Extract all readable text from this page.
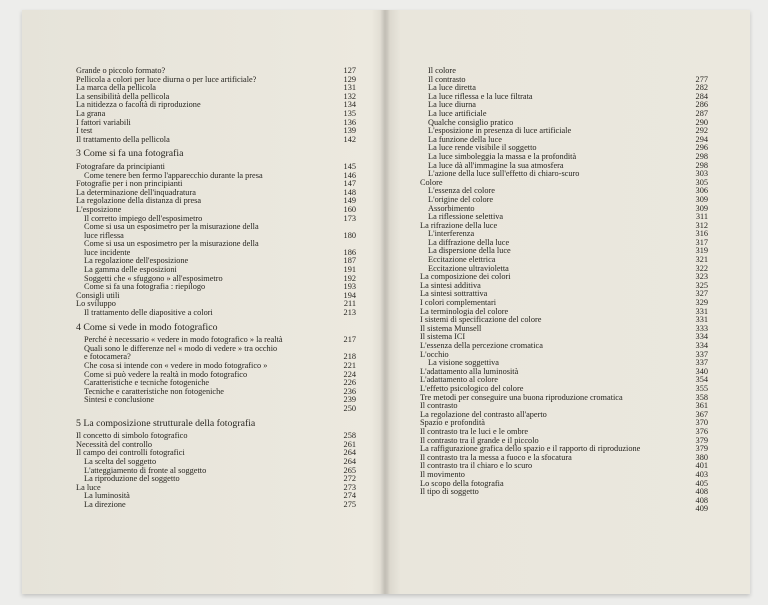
Grande o piccolo formato?	127
Pellicola a colori per luce diurna o per luce artificiale?	129
La marca della pellicola	131
La sensibilità della pellicola	132
La nitidezza o facoltà di riproduzione	134
La grana	135
I fattori variabili	136
I test	139
Il trattamento della pellicola	142
3 Come si fa una fotografia
Fotografare da principianti	145
Come tenere ben fermo l'apparecchio durante la presa	146
Fotografie per i non principianti	147
La determinazione dell'inquadratura	148
La regolazione della distanza di presa	149
L'esposizione	160
Il corretto impiego dell'esposimetro	173
Come si usa un esposimetro per la misurazione della
luce riflessa	180
Come si usa un esposimetro per la misurazione della
luce incidente	186
La regolazione dell'esposizione	187
La gamma delle esposizioni	191
Soggetti che « sfuggono » all'esposimetro	192
Come si fa una fotografia : riepilogo	193
Consigli utili	194
Lo sviluppo	211
Il trattamento delle diapositive a colori	213
4 Come si vede in modo fotografico
Perché è necessario « vedere in modo fotografico » la realtà	217
Quali sono le differenze nel « modo di vedere » tra occhio
e fotocamera?	218
Che cosa si intende con « vedere in modo fotografico »	221
Come si può vedere la realtà in modo fotografico	224
Caratteristiche e tecniche fotogeniche	226
Tecniche e caratteristiche non fotogeniche	236
Sintesi e conclusione	239
250
5 La composizione strutturale della fotografia
Il concetto di simbolo fotografico	258
Necessità del controllo	261
Il campo dei controlli fotografici	264
La scelta del soggetto	264
L'atteggiamento di fronte al soggetto	265
La riproduzione del soggetto	272
La luce	273
La luminosità	274
La direzione	275
Il colore
Il contrasto	277
La luce diretta	282
La luce riflessa e la luce filtrata	284
La luce diurna	286
La luce artificiale	287
Qualche consiglio pratico	290
L'esposizione in presenza di luce artificiale	292
La funzione della luce	294
La luce rende visibile il soggetto	296
La luce simboleggia la massa e la profondità	298
La luce dà all'immagine la sua atmosfera	298
L'azione della luce sull'effetto di chiaro-scuro	303
Colore	305
L'essenza del colore	306
L'origine del colore	309
Assorbimento	309
La riflessione selettiva	311
La rifrazione della luce	312
L'interferenza	316
La diffrazione della luce	317
La dispersione della luce	319
Eccitazione elettrica	321
Eccitazione ultravioletta	322
La composizione dei colori	323
La sintesi additiva	325
La sintesi sottrattiva	327
I colori complementari	329
La terminologia del colore	331
I sistemi di specificazione del colore	331
Il sistema Munsell	333
Il sistema ICI	334
L'essenza della percezione cromatica	334
L'occhio	337
La visione soggettiva	337
L'adattamento alla luminosità	340
L'adattamento al colore	354
L'effetto psicologico del colore	355
Tre metodi per conseguire una buona riproduzione cromatica	358
Il contrasto	361
La regolazione del contrasto all'aperto	367
Spazio e profondità	370
Il contrasto tra le luci e le ombre	376
Il contrasto tra il grande e il piccolo	379
La raffigurazione grafica dello spazio e il rapporto di riproduzione	379
Il contrasto tra la messa a fuoco e la sfocatura	380
Il contrasto tra il chiaro e lo scuro	401
Il movimento	403
Lo scopo della fotografia	405
Il tipo di soggetto	408
408
409
